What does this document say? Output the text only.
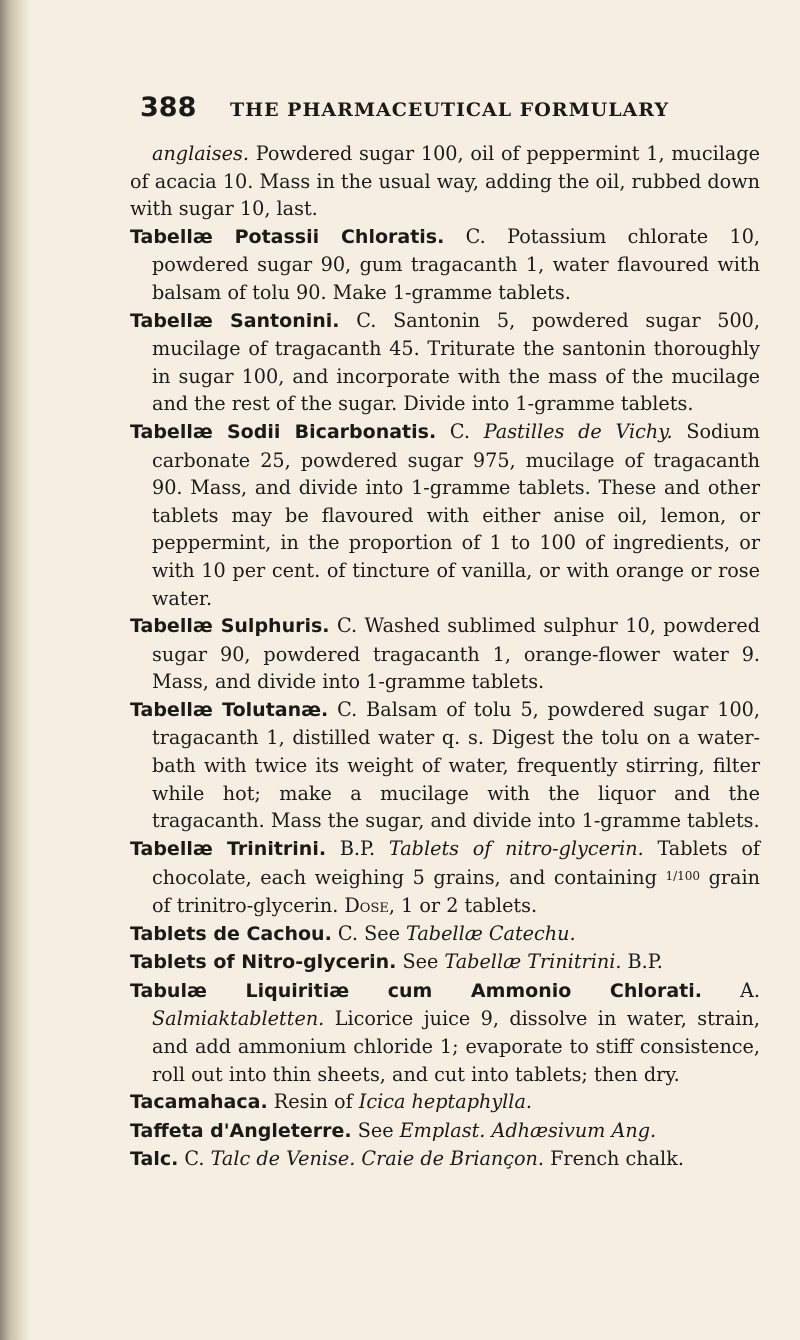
388	THE PHARMACEUTICAL FORMULARY

anglaises. Powdered sugar 100, oil of peppermint 1, mucilage of acacia 10. Mass in the usual way, adding the oil, rubbed down with sugar 10, last.

Tabellæ Potassii Chloratis. C. Potassium chlorate 10, powdered sugar 90, gum tragacanth 1, water flavoured with balsam of tolu 90. Make 1-gramme tablets.

Tabellæ Santonini. C. Santonin 5, powdered sugar 500, mucilage of tragacanth 45. Triturate the santonin thoroughly in sugar 100, and incorporate with the mass of the mucilage and the rest of the sugar. Divide into 1-gramme tablets.

Tabellæ Sodii Bicarbonatis. C. Pastilles de Vichy. Sodium carbonate 25, powdered sugar 975, mucilage of tragacanth 90. Mass, and divide into 1-gramme tablets. These and other tablets may be flavoured with either anise oil, lemon, or peppermint, in the proportion of 1 to 100 of ingredients, or with 10 per cent. of tincture of vanilla, or with orange or rose water.

Tabellæ Sulphuris. C. Washed sublimed sulphur 10, powdered sugar 90, powdered tragacanth 1, orange-flower water 9. Mass, and divide into 1-gramme tablets.

Tabellæ Tolutanæ. C. Balsam of tolu 5, powdered sugar 100, tragacanth 1, distilled water q. s. Digest the tolu on a water-bath with twice its weight of water, frequently stirring, filter while hot; make a mucilage with the liquor and the tragacanth. Mass the sugar, and divide into 1-gramme tablets.

Tabellæ Trinitrini. B.P. Tablets of nitro-glycerin. Tablets of chocolate, each weighing 5 grains, and containing $^{1/100}$ grain of trinitro-glycerin. Dose, 1 or 2 tablets.

Tablets de Cachou. C. See Tabellæ Catechu.

Tablets of Nitro-glycerin. See Tabellæ Trinitrini. B.P.

Tabulæ Liquiritiæ cum Ammonio Chlorati. A. Salmiaktabletten. Licorice juice 9, dissolve in water, strain, and add ammonium chloride 1; evaporate to stiff consistence, roll out into thin sheets, and cut into tablets; then dry.

Tacamahaca. Resin of Icica heptaphylla.

Taffeta d'Angleterre. See Emplast. Adhæsivum Ang.

Talc. C. Talc de Venise. Craie de Brianҫon. French chalk.
